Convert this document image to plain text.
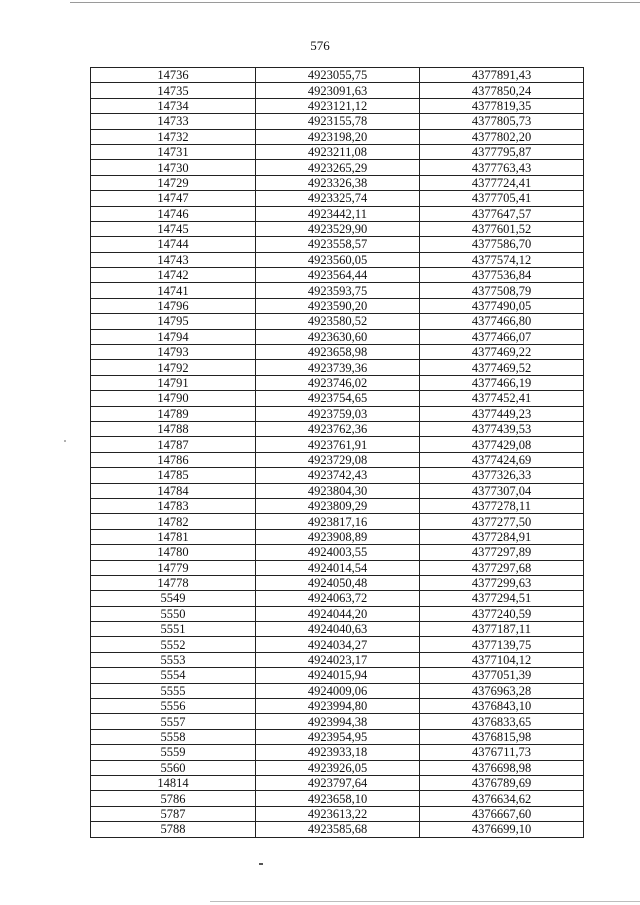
576
14736	4923055,75	4377891,43
14735	4923091,63	4377850,24
14734	4923121,12	4377819,35
14733	4923155,78	4377805,73
14732	4923198,20	4377802,20
14731	4923211,08	4377795,87
14730	4923265,29	4377763,43
14729	4923326,38	4377724,41
14747	4923325,74	4377705,41
14746	4923442,11	4377647,57
14745	4923529,90	4377601,52
14744	4923558,57	4377586,70
14743	4923560,05	4377574,12
14742	4923564,44	4377536,84
14741	4923593,75	4377508,79
14796	4923590,20	4377490,05
14795	4923580,52	4377466,80
14794	4923630,60	4377466,07
14793	4923658,98	4377469,22
14792	4923739,36	4377469,52
14791	4923746,02	4377466,19
14790	4923754,65	4377452,41
14789	4923759,03	4377449,23
14788	4923762,36	4377439,53
14787	4923761,91	4377429,08
14786	4923729,08	4377424,69
14785	4923742,43	4377326,33
14784	4923804,30	4377307,04
14783	4923809,29	4377278,11
14782	4923817,16	4377277,50
14781	4923908,89	4377284,91
14780	4924003,55	4377297,89
14779	4924014,54	4377297,68
14778	4924050,48	4377299,63
5549	4924063,72	4377294,51
5550	4924044,20	4377240,59
5551	4924040,63	4377187,11
5552	4924034,27	4377139,75
5553	4924023,17	4377104,12
5554	4924015,94	4377051,39
5555	4924009,06	4376963,28
5556	4923994,80	4376843,10
5557	4923994,38	4376833,65
5558	4923954,95	4376815,98
5559	4923933,18	4376711,73
5560	4923926,05	4376698,98
14814	4923797,64	4376789,69
5786	4923658,10	4376634,62
5787	4923613,22	4376667,60
5788	4923585,68	4376699,10
